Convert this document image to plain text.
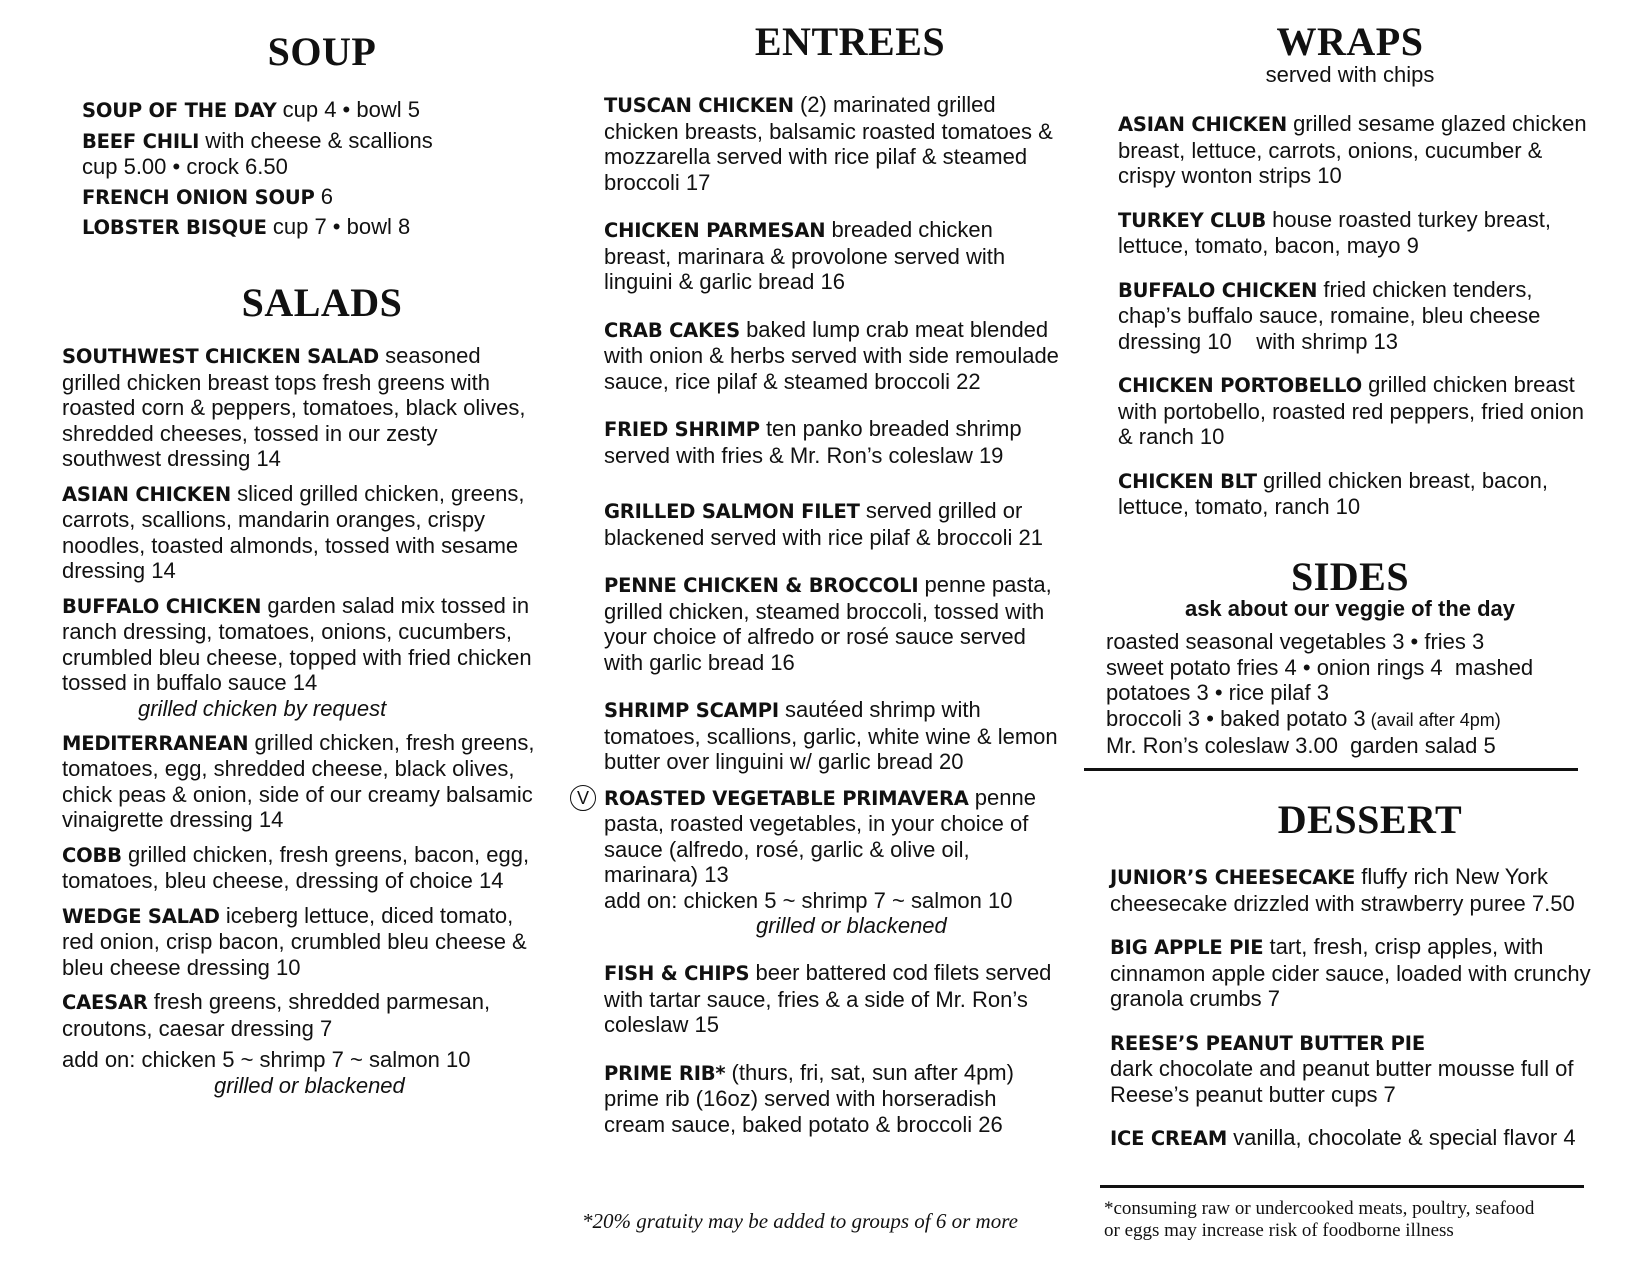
SOUP

SOUP OF THE DAY cup 4 • bowl 5

BEEF CHILI with cheese & scallions

cup 5.00 • crock 6.50

FRENCH ONION SOUP 6

LOBSTER BISQUE cup 7 • bowl 8

SALADS

SOUTHWEST CHICKEN SALAD seasoned grilled chicken breast tops fresh greens with roasted corn & peppers, tomatoes, black olives, shredded cheeses, tossed in our zesty southwest dressing 14

ASIAN CHICKEN sliced grilled chicken, greens, carrots, scallions, mandarin oranges, crispy noodles, toasted almonds, tossed with sesame dressing 14

BUFFALO CHICKEN garden salad mix tossed in ranch dressing, tomatoes, onions, cucumbers, crumbled bleu cheese, topped with fried chicken tossed in buffalo sauce 14

grilled chicken by request

MEDITERRANEAN grilled chicken, fresh greens, tomatoes, egg, shredded cheese, black olives, chick peas & onion, side of our creamy balsamic vinaigrette dressing 14

COBB grilled chicken, fresh greens, bacon, egg, tomatoes, bleu cheese, dressing of choice 14

WEDGE SALAD iceberg lettuce, diced tomato, red onion, crisp bacon, crumbled bleu cheese & bleu cheese dressing 10

CAESAR fresh greens, shredded parmesan, croutons, caesar dressing 7

add on: chicken 5 ~ shrimp 7 ~ salmon 10

grilled or blackened

ENTREES

TUSCAN CHICKEN (2) marinated grilled chicken breasts, balsamic roasted tomatoes & mozzarella served with rice pilaf & steamed broccoli 17

CHICKEN PARMESAN breaded chicken breast, marinara & provolone served with linguini & garlic bread 16

CRAB CAKES baked lump crab meat blended with onion & herbs served with side remoulade sauce, rice pilaf & steamed broccoli 22

FRIED SHRIMP ten panko breaded shrimp served with fries & Mr. Ron’s coleslaw 19

GRILLED SALMON FILET served grilled or blackened served with rice pilaf & broccoli 21

PENNE CHICKEN & BROCCOLI penne pasta, grilled chicken, steamed broccoli, tossed with your choice of alfredo or rosé sauce served with garlic bread 16

SHRIMP SCAMPI sautéed shrimp with tomatoes, scallions, garlic, white wine & lemon butter over linguini w/ garlic bread 20

V ROASTED VEGETABLE PRIMAVERA penne pasta, roasted vegetables, in your choice of sauce (alfredo, rosé, garlic & olive oil, marinara) 13

add on: chicken 5 ~ shrimp 7 ~ salmon 10

grilled or blackened

FISH & CHIPS beer battered cod filets served with tartar sauce, fries & a side of Mr. Ron’s coleslaw 15

PRIME RIB* (thurs, fri, sat, sun after 4pm) prime rib (16oz) served with horseradish cream sauce, baked potato & broccoli 26

*20% gratuity may be added to groups of 6 or more

WRAPS

served with chips

ASIAN CHICKEN grilled sesame glazed chicken breast, lettuce, carrots, onions, cucumber & crispy wonton strips 10

TURKEY CLUB house roasted turkey breast, lettuce, tomato, bacon, mayo 9

BUFFALO CHICKEN fried chicken tenders, chap’s buffalo sauce, romaine, bleu cheese dressing 10    with shrimp 13

CHICKEN PORTOBELLO grilled chicken breast with portobello, roasted red peppers, fried onion & ranch 10

CHICKEN BLT grilled chicken breast, bacon, lettuce, tomato, ranch 10

SIDES

ask about our veggie of the day

roasted seasonal vegetables 3 • fries 3

sweet potato fries 4 • onion rings 4  mashed

potatoes 3 • rice pilaf 3

broccoli 3 • baked potato 3 (avail after 4pm)

Mr. Ron’s coleslaw 3.00  garden salad 5

DESSERT

JUNIOR’S CHEESECAKE fluffy rich New York cheesecake drizzled with strawberry puree 7.50

BIG APPLE PIE tart, fresh, crisp apples, with cinnamon apple cider sauce, loaded with crunchy granola crumbs 7

REESE’S PEANUT BUTTER PIE

dark chocolate and peanut butter mousse full of Reese’s peanut butter cups 7

ICE CREAM vanilla, chocolate & special flavor 4

*consuming raw or undercooked meats, poultry, seafood
or eggs may increase risk of foodborne illness
